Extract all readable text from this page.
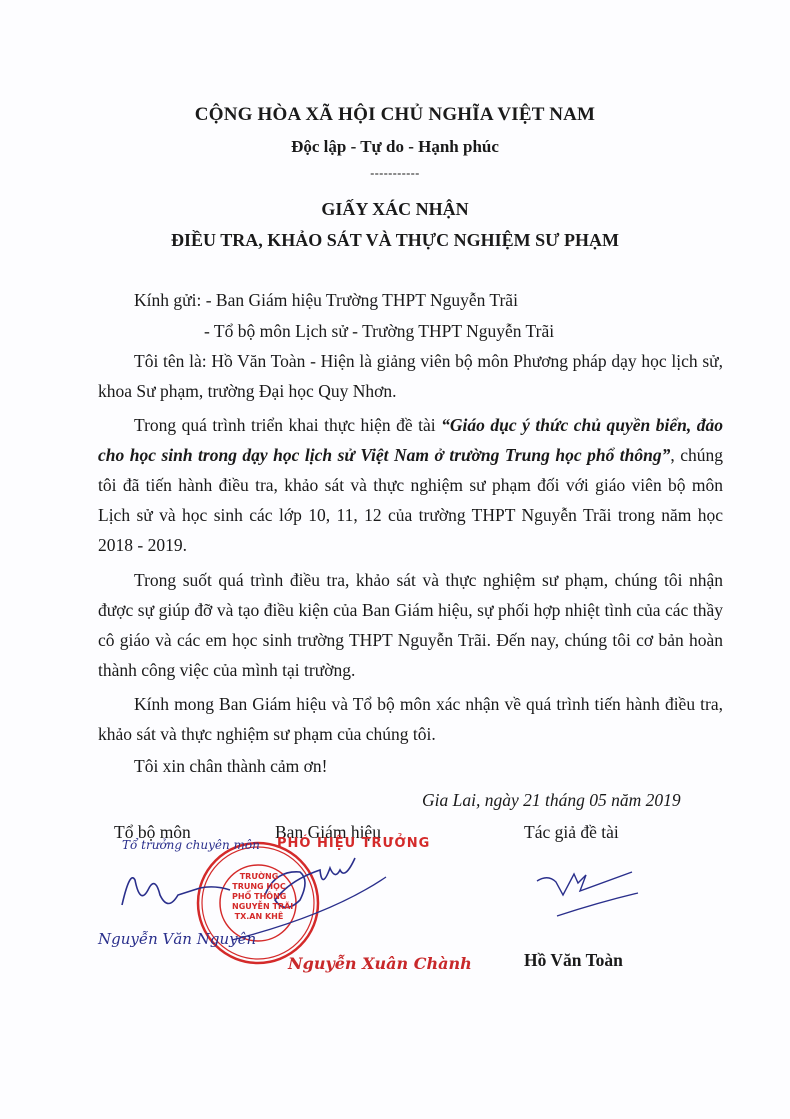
CỘNG HÒA XÃ HỘI CHỦ NGHĨA VIỆT NAM
Độc lập - Tự do - Hạnh phúc
-----------
GIẤY XÁC NHẬN
ĐIỀU TRA, KHẢO SÁT VÀ THỰC NGHIỆM SƯ PHẠM
Kính gửi: - Ban Giám hiệu Trường THPT Nguyễn Trãi
- Tổ bộ môn Lịch sử - Trường THPT Nguyễn Trãi
Tôi tên là: Hồ Văn Toàn - Hiện là giảng viên bộ môn Phương pháp dạy học lịch sử, khoa Sư phạm, trường Đại học Quy Nhơn.
Trong quá trình triển khai thực hiện đề tài “Giáo dục ý thức chủ quyền biển, đảo cho học sinh trong dạy học lịch sử Việt Nam ở trường Trung học phổ thông”, chúng tôi đã tiến hành điều tra, khảo sát và thực nghiệm sư phạm đối với giáo viên bộ môn Lịch sử và học sinh các lớp 10, 11, 12 của trường THPT Nguyễn Trãi trong năm học 2018 - 2019.
Trong suốt quá trình điều tra, khảo sát và thực nghiệm sư phạm, chúng tôi nhận được sự giúp đỡ và tạo điều kiện của Ban Giám hiệu, sự phối hợp nhiệt tình của các thầy cô giáo và các em học sinh trường THPT Nguyễn Trãi. Đến nay, chúng tôi cơ bản hoàn thành công việc của mình tại trường.
Kính mong Ban Giám hiệu và Tổ bộ môn xác nhận về quá trình tiến hành điều tra, khảo sát và thực nghiệm sư phạm của chúng tôi.
Tôi xin chân thành cảm ơn!
Gia Lai, ngày 21 tháng 05 năm 2019
Tổ bộ môn	Ban Giám hiệu	Tác giả đề tài
PHÓ HIỆU TRƯỞNG
TRƯỜNG
TRUNG HỌC
PHỔ THÔNG
NGUYỄN TRÃI
TX.AN KHÊ
Tổ trưởng chuyên môn
Nguyễn Văn Nguyên
Nguyễn Xuân Chành	Hồ Văn Toàn
